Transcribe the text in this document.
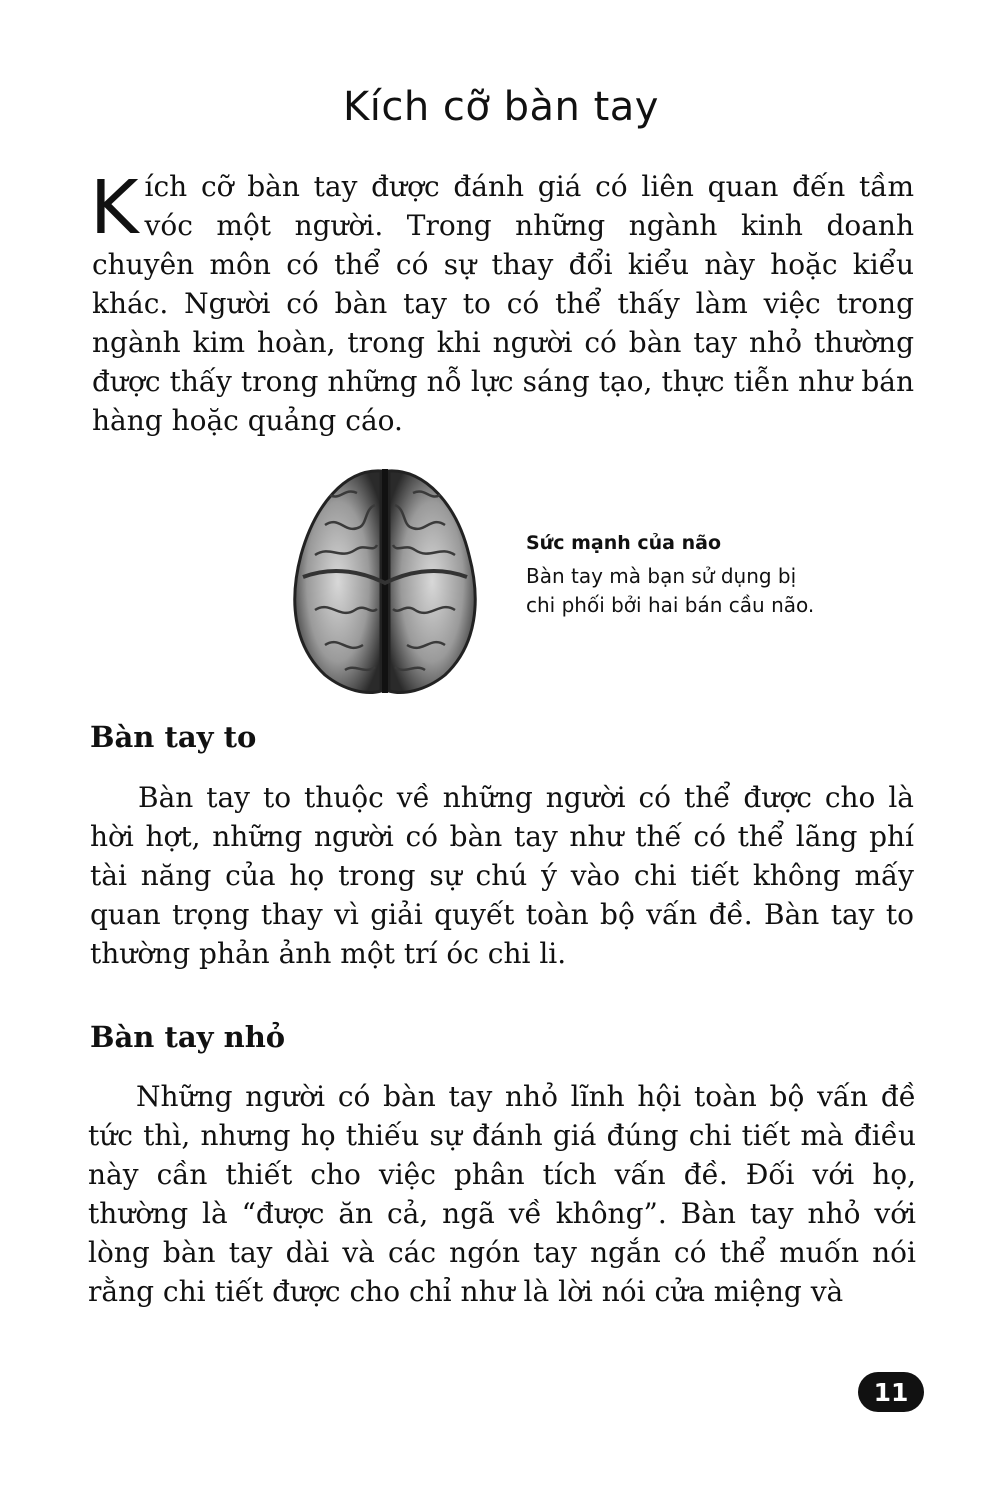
Kích cỡ bàn tay

Kích cỡ bàn tay được đánh giá có liên quan đến tầm vóc một người. Trong những ngành kinh doanh chuyên môn có thể có sự thay đổi kiểu này hoặc kiểu khác. Người có bàn tay to có thể thấy làm việc trong ngành kim hoàn, trong khi người có bàn tay nhỏ thường được thấy trong những nỗ lực sáng tạo, thực tiễn như bán hàng hoặc quảng cáo.

Sức mạnh của não

Bàn tay mà bạn sử dụng bị chi phối bởi hai bán cầu não.

Bàn tay to

Bàn tay to thuộc về những người có thể được cho là hời hợt, những người có bàn tay như thế có thể lãng phí tài năng của họ trong sự chú ý vào chi tiết không mấy quan trọng thay vì giải quyết toàn bộ vấn đề. Bàn tay to thường phản ảnh một trí óc chi li.

Bàn tay nhỏ

Những người có bàn tay nhỏ lĩnh hội toàn bộ vấn đề tức thì, nhưng họ thiếu sự đánh giá đúng chi tiết mà điều này cần thiết cho việc phân tích vấn đề. Đối với họ, thường là “được ăn cả, ngã về không”. Bàn tay nhỏ với lòng bàn tay dài và các ngón tay ngắn có thể muốn nói rằng chi tiết được cho chỉ như là lời nói cửa miệng và

11
